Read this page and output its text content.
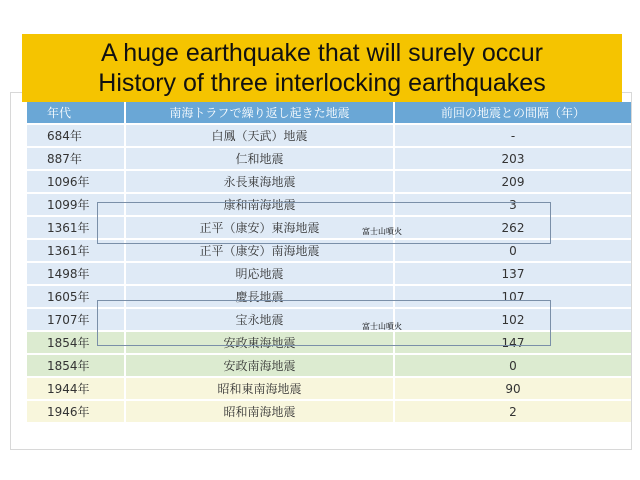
A huge earthquake that will surely occur
History of three interlocking earthquakes
年代	南海トラフで繰り返し起きた地震	前回の地震との間隔（年）
684年	白鳳（天武）地震	-
887年	仁和地震	203
1096年	永長東海地震	209
1099年	康和南海地震	3
1361年	正平（康安）東海地震	262
1361年	正平（康安）南海地震	0
1498年	明応地震	137
1605年	慶長地震	107
1707年	宝永地震	102
1854年	安政東海地震	147
1854年	安政南海地震	0
1944年	昭和東南海地震	90
1946年	昭和南海地震	2
富士山噴火
富士山噴火
